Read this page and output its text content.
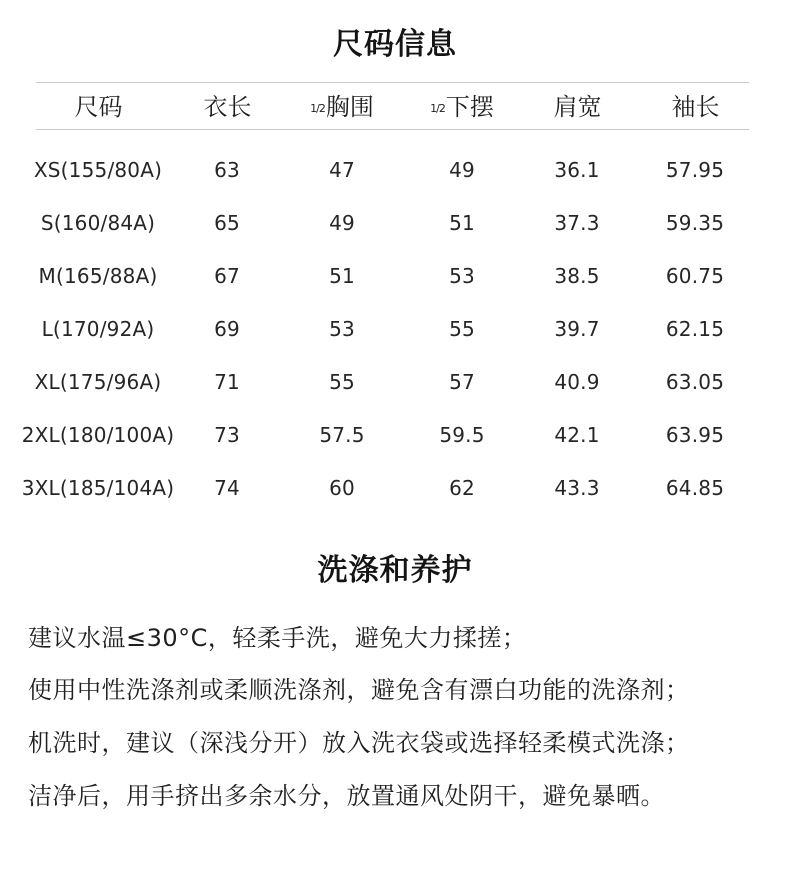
尺码信息
尺码	衣长	1/2胸围	1/2下摆	肩宽	袖长
XS(155/80A)	63	47	49	36.1	57.95
S(160/84A)	65	49	51	37.3	59.35
M(165/88A)	67	51	53	38.5	60.75
L(170/92A)	69	53	55	39.7	62.15
XL(175/96A)	71	55	57	40.9	63.05
2XL(180/100A)	73	57.5	59.5	42.1	63.95
3XL(185/104A)	74	60	62	43.3	64.85
洗涤和养护
建议水温≤30°C，轻柔手洗，避免大力揉搓；
使用中性洗涤剂或柔顺洗涤剂，避免含有漂白功能的洗涤剂；
机洗时，建议（深浅分开）放入洗衣袋或选择轻柔模式洗涤；
洁净后，用手挤出多余水分，放置通风处阴干，避免暴晒。
